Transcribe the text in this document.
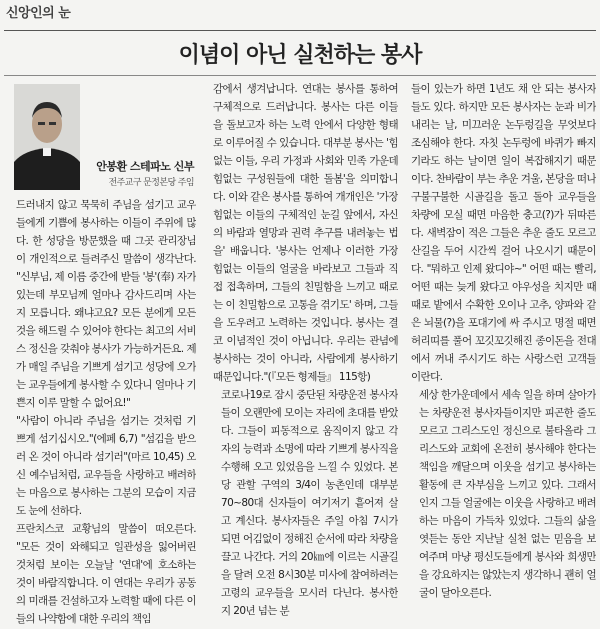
신앙인의 눈
이념이 아닌 실천하는 봉사
안봉환 스테파노 신부
전주교구 문정본당 주임

드러내지 않고 묵묵히 주님을 섬기고 교우들에게 기쁨에 봉사하는 이들이 주위에 많다. 한 성당을 방문했을 때 그곳 관리장님이 개인적으로 들려주신 말씀이 생각난다. "신부님, 제 이름 중간에 받들 '봉'(奉) 자가 있는데 부모님께 얼마나 감사드리며 사는지 모릅니다. 왜냐고요? 모든 분에게 모든 것을 해드릴 수 있어야 한다는 최고의 서비스 정신을 갖춰야 봉사가 가능하거든요. 제가 매일 주님을 기쁘게 섬기고 성당에 오가는 교우들에게 봉사할 수 있다니 얼마나 기쁜지 이루 말할 수 없어요!"

"사람이 아니라 주님을 섬기는 것처럼 기쁘게 섬기십시오."(에페 6,7) "섬김을 받으러 온 것이 아니라 섬기러"(마르 10,45) 오신 예수님처럼, 교우들을 사랑하고 배려하는 마음으로 봉사하는 그분의 모습이 지금도 눈에 선하다.

프란치스코 교황님의 말씀이 떠오른다. "모든 것이 와해되고 일관성을 잃어버린 것처럼 보이는 오늘날 '연대'에 호소하는 것이 바람직합니다. 이 연대는 우리가 공동의 미래를 건설하고자 노력할 때에 다른 이들의 나약함에 대한 우리의 책임

감에서 생겨납니다. 연대는 봉사를 통하여 구체적으로 드러납니다. 봉사는 다른 이들을 돌보고자 하는 노력 안에서 다양한 형태로 이루어질 수 있습니다. 대부분 봉사는 '힘없는 이들, 우리 가정과 사회와 민족 가운데 힘없는 구성원들에 대한 돌봄'을 의미합니다. 이와 같은 봉사를 통하여 개개인은 '가장 힘없는 이들의 구체적인 눈길 앞에서, 자신의 바람과 열망과 권력 추구를 내려놓는 법을' 배웁니다. '봉사는 언제나 이러한 가장 힘없는 이들의 얼굴을 바라보고 그들과 직접 접촉하며, 그들의 친밀함을 느끼고 때로는 이 친밀함으로 고통을 겪기도' 하며, 그들을 도우려고 노력하는 것입니다. 봉사는 결코 이념적인 것이 아닙니다. 우리는 관념에 봉사하는 것이 아니라, 사람에게 봉사하기 때문입니다."(『모든 형제들』 115항)

코로나19로 잠시 중단된 차량운전 봉사자들이 오랜만에 모이는 자리에 초대를 받았다. 그들이 피동적으로 움직이지 않고 각자의 능력과 소명에 따라 기쁘게 봉사직을 수행해 오고 있었음을 느낄 수 있었다. 본당 관할 구역의 3/4이 농촌인데 대부분 70~80대 신자들이 여기저기 흩어져 살고 계신다. 봉사자들은 주일 아침 7시가 되면 어김없이 정해진 순서에 따라 차량을 끌고 나간다. 거의 20㎞에 이르는 시골길을 달려 오전 8시30분 미사에 참여하려는 고령의 교우들을 모시러 다닌다. 봉사한 지 20년 넘는 분

들이 있는가 하면 1년도 채 안 되는 봉사자들도 있다. 하지만 모든 봉사자는 눈과 비가 내리는 날, 미끄러운 논두렁길을 무엇보다 조심해야 한다. 자칫 논두렁에 바퀴가 빠지기라도 하는 날이면 일이 복잡해지기 때문이다. 찬바람이 부는 추운 겨울, 본당을 떠나 구불구불한 시골길을 돌고 돌아 교우들을 차량에 모실 때면 마음한 충고(?)가 뒤따른다. 새벽잠이 적은 그들은 추운 줄도 모르고 산길을 두어 시간씩 걸어 나오시기 때문이다. "뭐하고 인제 왔디야~" 어떤 때는 빨리, 어떤 때는 늦게 왔다고 야우성을 치지만 때때로 밭에서 수확한 오이나 고추, 양파와 같은 뇌물(?)을 포대기에 싸 주시고 명절 때면 허리띠를 풀어 꼬깃꼬깃해진 종이돈을 전대에서 꺼내 주시기도 하는 사랑스런 고객들이란다.

세상 한가운데에서 세속 일을 하며 살아가는 차량운전 봉사자들이지만 피곤한 줄도 모르고 그리스도인 정신으로 불타올라 그리스도와 교회에 온전히 봉사해야 한다는 책임을 깨달으며 이웃을 섬기고 봉사하는 활동에 큰 자부심을 느끼고 있다. 그래서인지 그들 얼굴에는 이웃을 사랑하고 배려하는 마음이 가득차 있었다. 그들의 삶을 엿듣는 동안 지난날 실천 없는 믿음을 보여주며 마냥 평신도들에게 봉사와 희생만을 강요하지는 않았는지 생각하니 괜히 얼굴이 달아오른다.
